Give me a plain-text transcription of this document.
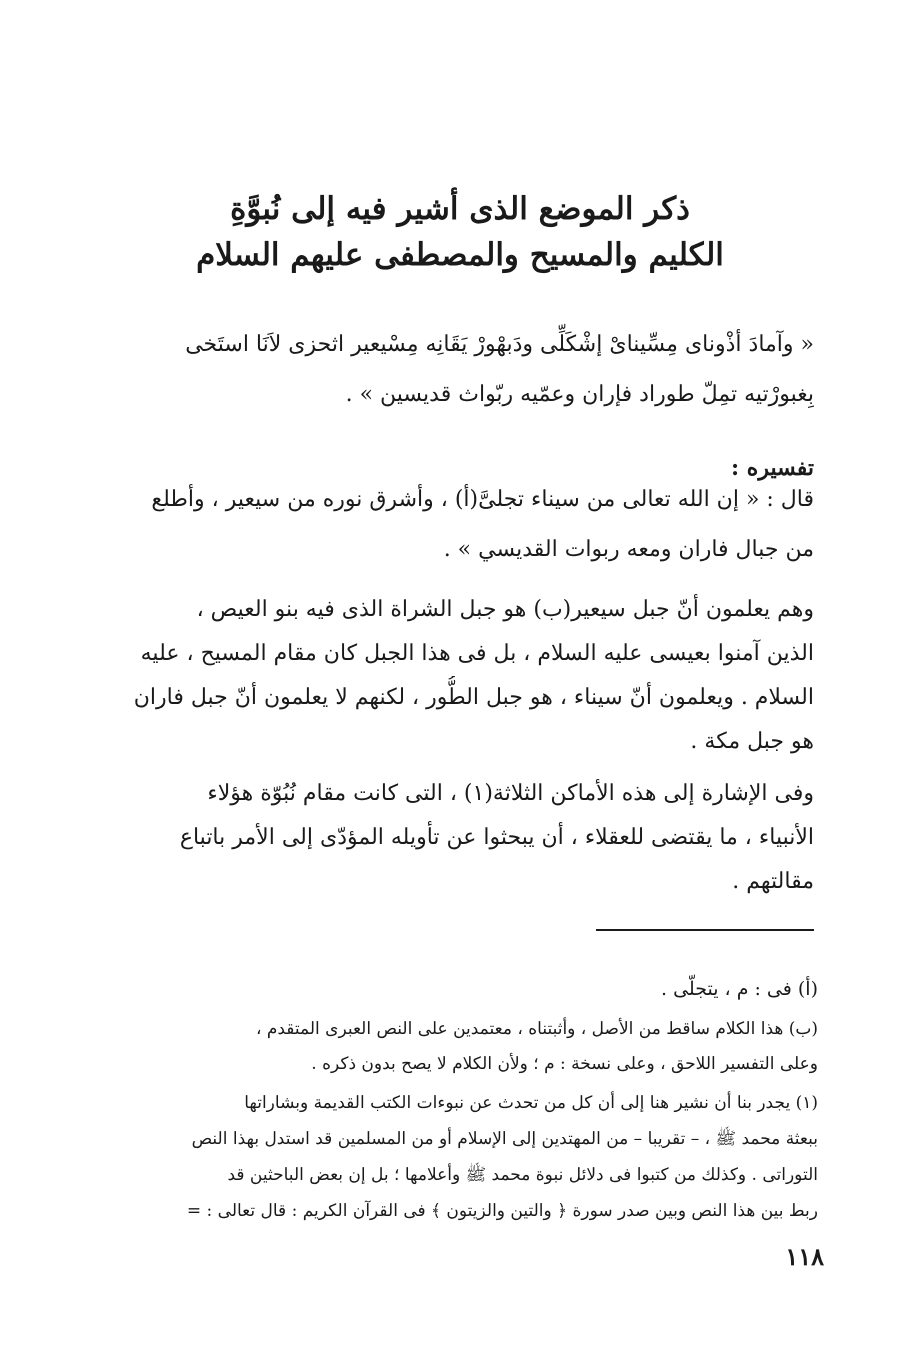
ذكر الموضع الذى أشير فيه إلى نُبوَّةِ
الكليم والمسيح والمصطفى عليهم السلام
« وآمادَ أذْوناى مِسِّيناىْ إشْكَلِّى ودَبهْورْ يَقَانِه مِسْيعير اثحزى لاَنَا استَخى
بِغبورْتيه تمِلّ طوراد فإران وعمّيه ربّواث قديسين » .
تفسيره :
قال : « إن الله تعالى من سيناء تجلىَّ(أ) ، وأشرق نوره من سيعير ، وأطلع
من جبال فاران ومعه ربوات القديسي » .
وهم يعلمون أنّ جبل سيعير(ب) هو جبل الشراة الذى فيه بنو العيص ،
الذين آمنوا بعيسى عليه السلام ، بل فى هذا الجبل كان مقام المسيح ، عليه
السلام . ويعلمون أنّ سيناء ، هو جبل الطُّور ، لكنهم لا يعلمون أنّ جبل فاران
هو جبل مكة .
وفى الإشارة إلى هذه الأماكن الثلاثة(١) ، التى كانت مقام نُبُوّة هؤلاء
الأنبياء ، ما يقتضى للعقلاء ، أن يبحثوا عن تأويله المؤدّى إلى الأمر باتباع
مقالتهم .
(أ) فى : م ، يتجلّى .
(ب) هذا الكلام ساقط من الأصل ، وأثبتناه ، معتمدين على النص العبرى المتقدم ،
وعلى التفسير اللاحق ، وعلى نسخة : م ؛ ولأن الكلام لا يصح بدون ذكره .
(١) يجدر بنا أن نشير هنا إلى أن كل من تحدث عن نبوءات الكتب القديمة وبشاراتها
ببعثة محمد ﷺ ، – تقريبا – من المهتدين إلى الإسلام أو من المسلمين قد استدل بهذا النص
التوراتى . وكذلك من كتبوا فى دلائل نبوة محمد ﷺ وأعلامها ؛ بل إن بعض الباحثين قد
ربط بين هذا النص وبين صدر سورة ﴿ والتين والزيتون ﴾ فى القرآن الكريم : قال تعالى : =
١١٨
